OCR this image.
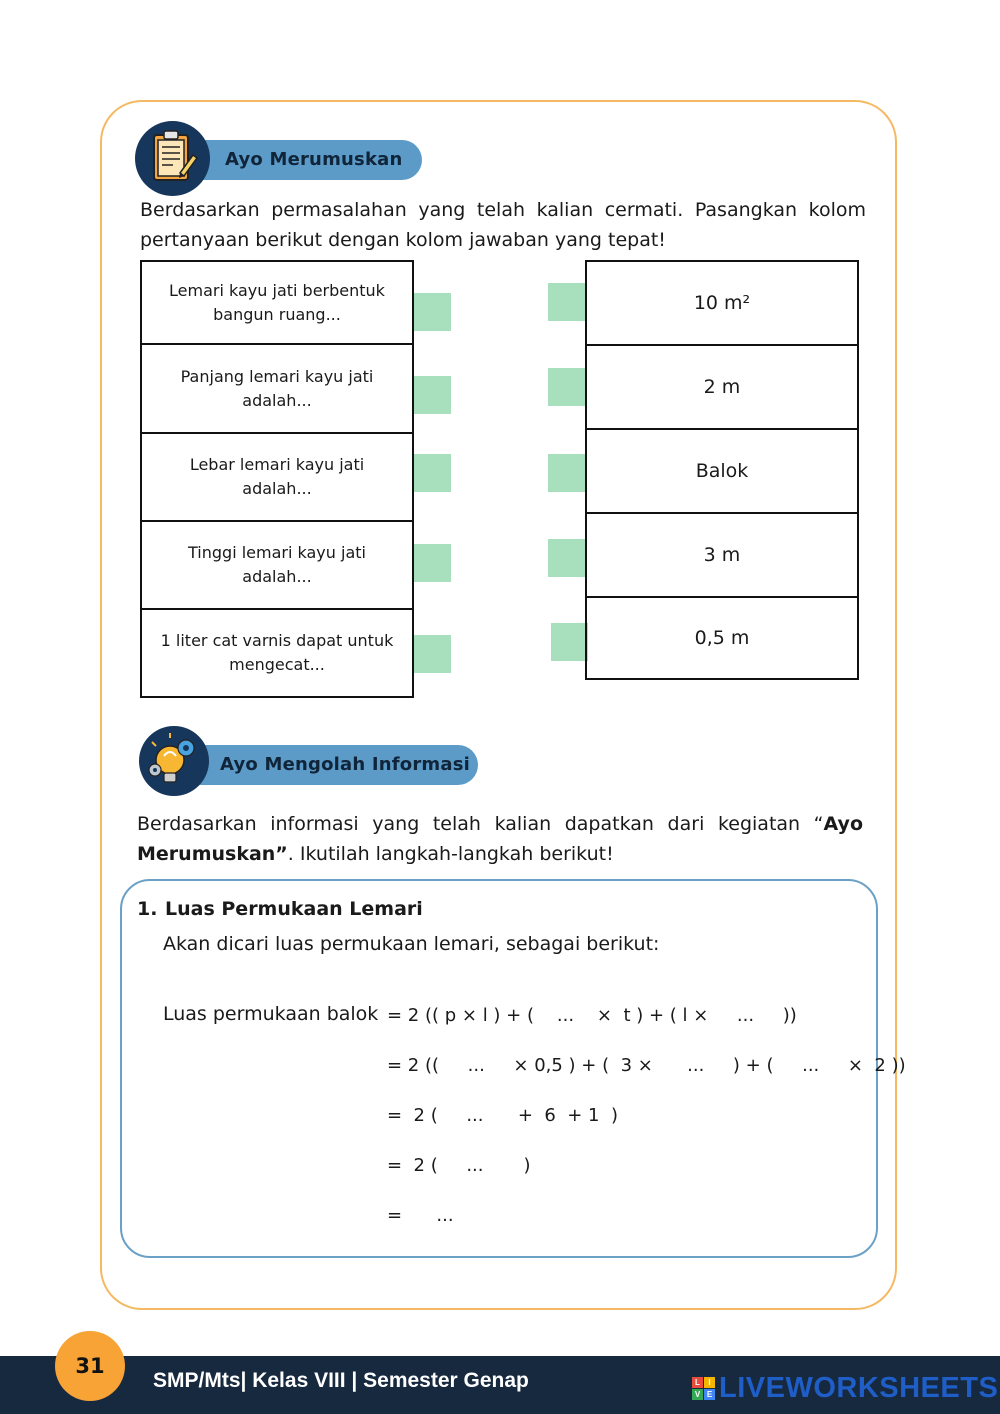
Ayo Merumuskan
Berdasarkan permasalahan yang telah kalian cermati. Pasangkan kolom pertanyaan berikut dengan kolom jawaban yang tepat!
Lemari kayu jati berbentuk bangun ruang...
Panjang lemari kayu jati adalah...
Lebar lemari kayu jati adalah...
Tinggi lemari kayu jati adalah...
1 liter cat varnis dapat untuk mengecat...
10 m²
2 m
Balok
3 m
0,5 m
Ayo Mengolah Informasi
Berdasarkan informasi yang telah kalian dapatkan dari kegiatan “Ayo Merumuskan”. Ikutilah langkah-langkah berikut!
1. Luas Permukaan Lemari
Akan dicari luas permukaan lemari, sebagai berikut:
Luas permukaan balok = 2 (( p × l ) + (    ...    ×  t ) + ( l ×     ...     ))
= 2 ((     ...     × 0,5 ) + (  3 ×      ...     ) + (     ...     ×  2 ))
=  2 (     ...      +  6  + 1  )
=  2 (     ...       )
=      ...
31
SMP/Mts| Kelas VIII | Semester Genap	L	I
V E LIVEWORKSHEETS
